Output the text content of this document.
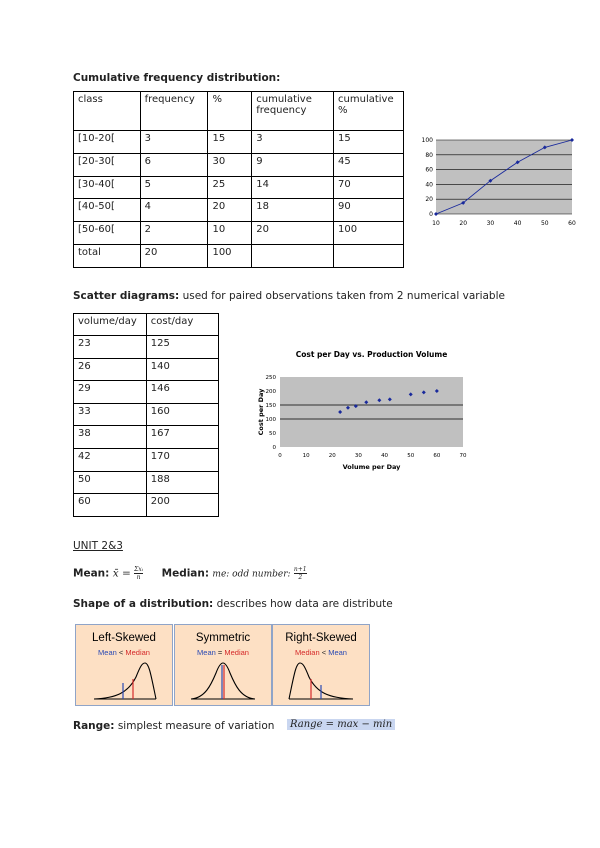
Cumulative frequency distribution:
class	frequency	%	cumulative frequency	cumulative %
[10-20[	3	15	3	15
[20-30[	6	30	9	45
[30-40[	5	25	14	70
[40-50[	4	20	18	90
[50-60[	2	10	20	100
total	20	100		
0
20
40
60
80
100
10	20	30	40	50	60
Scatter diagrams: used for paired observations taken from 2 numerical variable
volume/day	cost/day
23	125
26	140
29	146
33	160
38	167
42	170
50	188
60	200
Cost per Day vs. Production Volume
0
50
100
150
200
250
0	10	20	30	40	50	60	70
Volume per Day
Cost per Day
UNIT 2&3
Mean: x̄ = Σxᵢ
n Median: me: odd number: $\frac{n+1}{2}$
Shape of a distribution: describes how data are distribute
Left-Skewed
Mean < Median
Symmetric
Mean = Median
Right-Skewed
Median < Mean
Range: simplest measure of variation	Range = max − min
